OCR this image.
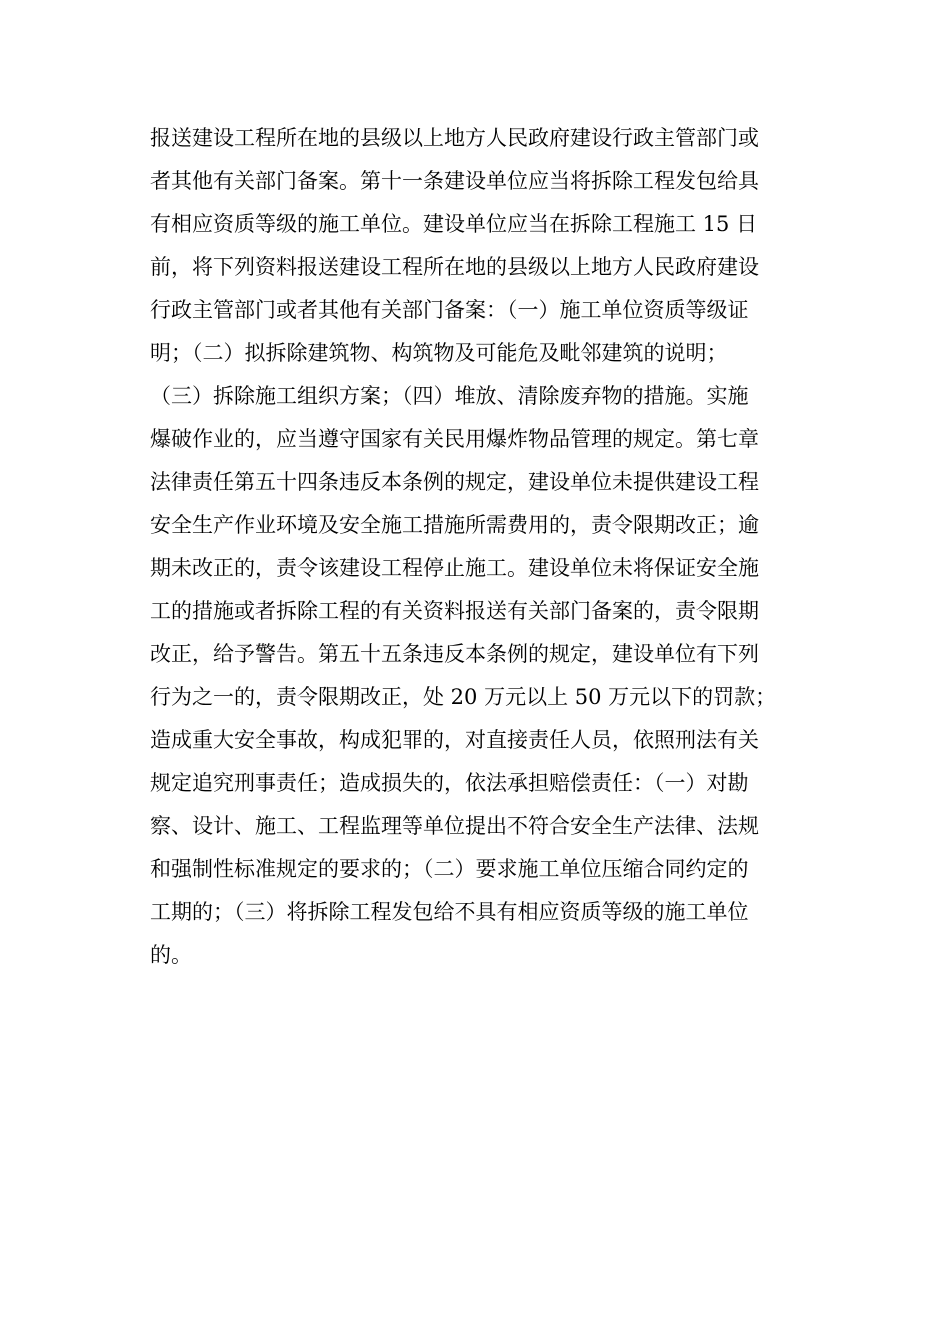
报送建设工程所在地的县级以上地方人民政府建设行政主管部门或
者其他有关部门备案。第十一条建设单位应当将拆除工程发包给具
有相应资质等级的施工单位。建设单位应当在拆除工程施工 15 日
前，将下列资料报送建设工程所在地的县级以上地方人民政府建设
行政主管部门或者其他有关部门备案：（一）施工单位资质等级证
明；（二）拟拆除建筑物、构筑物及可能危及毗邻建筑的说明；
（三）拆除施工组织方案；（四）堆放、清除废弃物的措施。实施
爆破作业的，应当遵守国家有关民用爆炸物品管理的规定。第七章
法律责任第五十四条违反本条例的规定，建设单位未提供建设工程
安全生产作业环境及安全施工措施所需费用的，责令限期改正；逾
期未改正的，责令该建设工程停止施工。建设单位未将保证安全施
工的措施或者拆除工程的有关资料报送有关部门备案的，责令限期
改正，给予警告。第五十五条违反本条例的规定，建设单位有下列
行为之一的，责令限期改正，处 20 万元以上 50 万元以下的罚款；
造成重大安全事故，构成犯罪的，对直接责任人员，依照刑法有关
规定追究刑事责任；造成损失的，依法承担赔偿责任：（一）对勘
察、设计、施工、工程监理等单位提出不符合安全生产法律、法规
和强制性标准规定的要求的；（二）要求施工单位压缩合同约定的
工期的；（三）将拆除工程发包给不具有相应资质等级的施工单位
的。
